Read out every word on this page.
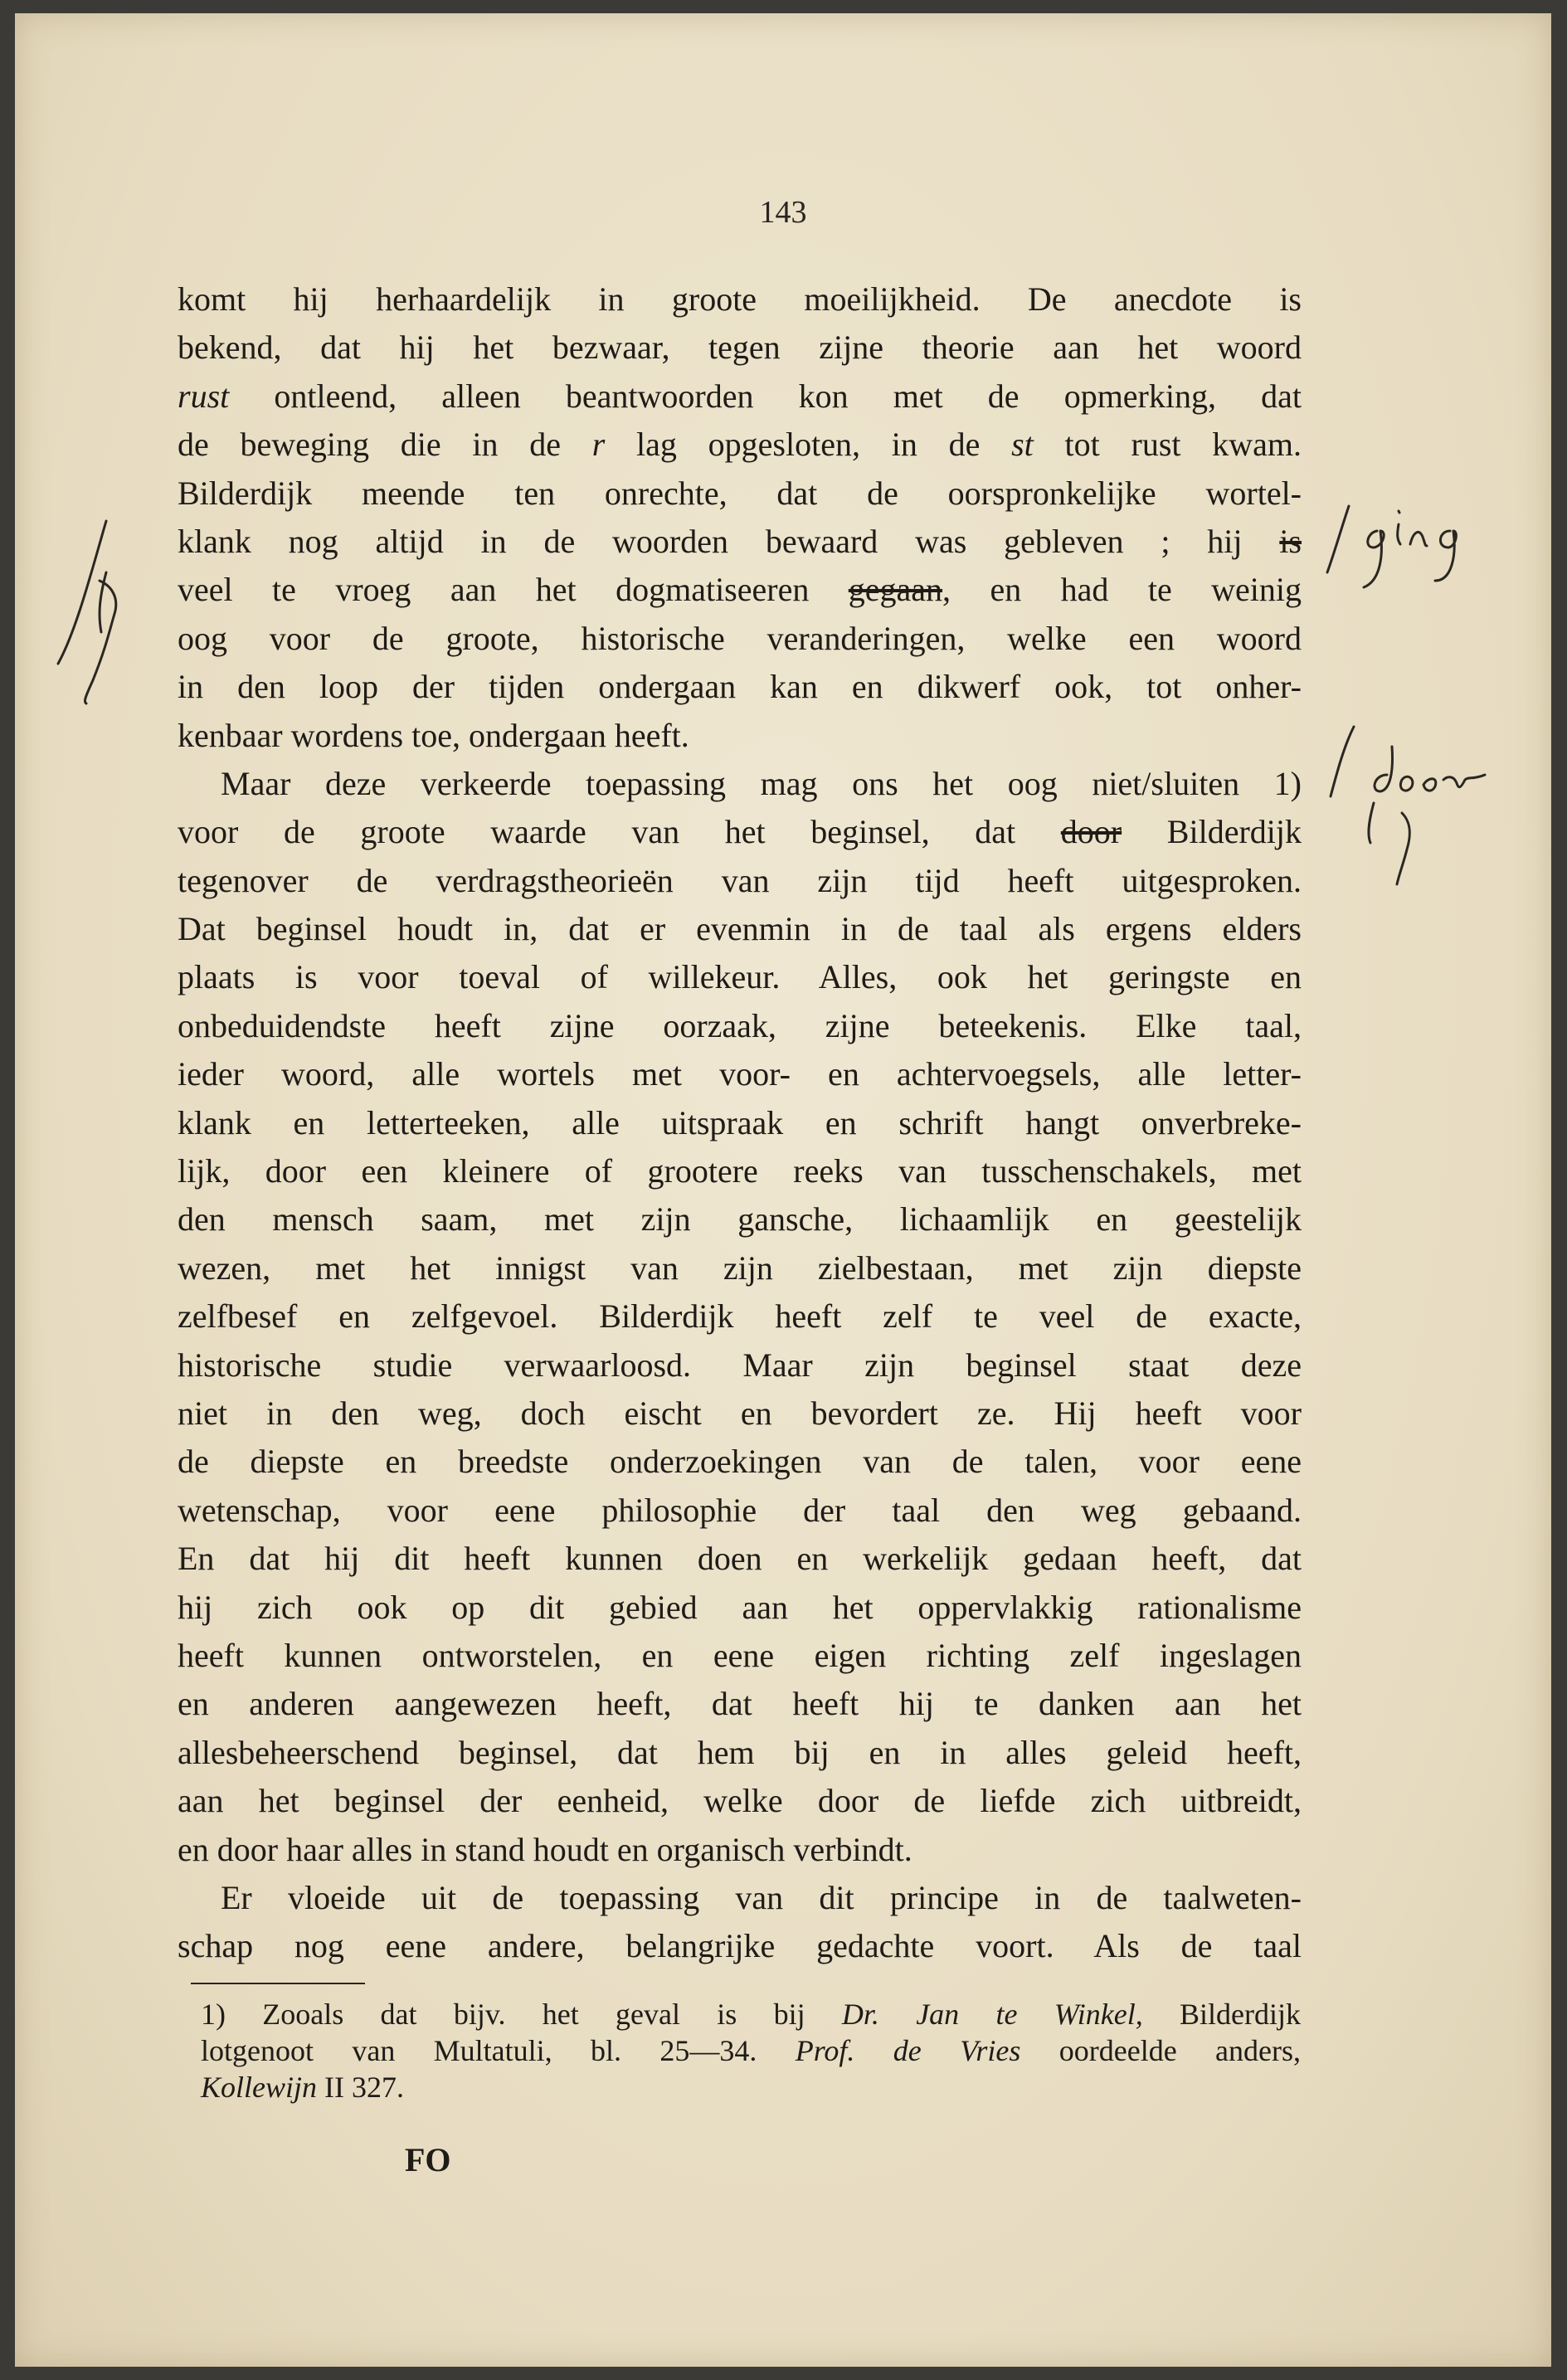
143
komt hij herhaardelijk in groote moeilijkheid. De anecdote is
bekend, dat hij het bezwaar, tegen zijne theorie aan het woord
rust ontleend, alleen beantwoorden kon met de opmerking, dat
de beweging die in de r lag opgesloten, in de st tot rust kwam.
Bilderdijk meende ten onrechte, dat de oorspronkelijke wortel-
klank nog altijd in de woorden bewaard was gebleven ; hij is
veel te vroeg aan het dogmatiseeren gegaan, en had te weinig
oog voor de groote, historische veranderingen, welke een woord
in den loop der tijden ondergaan kan en dikwerf ook, tot onher-
kenbaar wordens toe, ondergaan heeft.
Maar deze verkeerde toepassing mag ons het oog niet/sluiten 1)
voor de groote waarde van het beginsel, dat door Bilderdijk
tegenover de verdragstheorieën van zijn tijd heeft uitgesproken.
Dat beginsel houdt in, dat er evenmin in de taal als ergens elders
plaats is voor toeval of willekeur. Alles, ook het geringste en
onbeduidendste heeft zijne oorzaak, zijne beteekenis. Elke taal,
ieder woord, alle wortels met voor- en achtervoegsels, alle letter-
klank en letterteeken, alle uitspraak en schrift hangt onverbreke-
lijk, door een kleinere of grootere reeks van tusschenschakels, met
den mensch saam, met zijn gansche, lichaamlijk en geestelijk
wezen, met het innigst van zijn zielbestaan, met zijn diepste
zelfbesef en zelfgevoel. Bilderdijk heeft zelf te veel de exacte,
historische studie verwaarloosd. Maar zijn beginsel staat deze
niet in den weg, doch eischt en bevordert ze. Hij heeft voor
de diepste en breedste onderzoekingen van de talen, voor eene
wetenschap, voor eene philosophie der taal den weg gebaand.
En dat hij dit heeft kunnen doen en werkelijk gedaan heeft, dat
hij zich ook op dit gebied aan het oppervlakkig rationalisme
heeft kunnen ontworstelen, en eene eigen richting zelf ingeslagen
en anderen aangewezen heeft, dat heeft hij te danken aan het
allesbeheerschend beginsel, dat hem bij en in alles geleid heeft,
aan het beginsel der eenheid, welke door de liefde zich uitbreidt,
en door haar alles in stand houdt en organisch verbindt.
Er vloeide uit de toepassing van dit principe in de taalweten-
schap nog eene andere, belangrijke gedachte voort. Als de taal
1) Zooals dat bijv. het geval is bij Dr. Jan te Winkel, Bilderdijk
lotgenoot van Multatuli, bl. 25—34. Prof. de Vries oordeelde anders,
Kollewijn II 327.
FO
